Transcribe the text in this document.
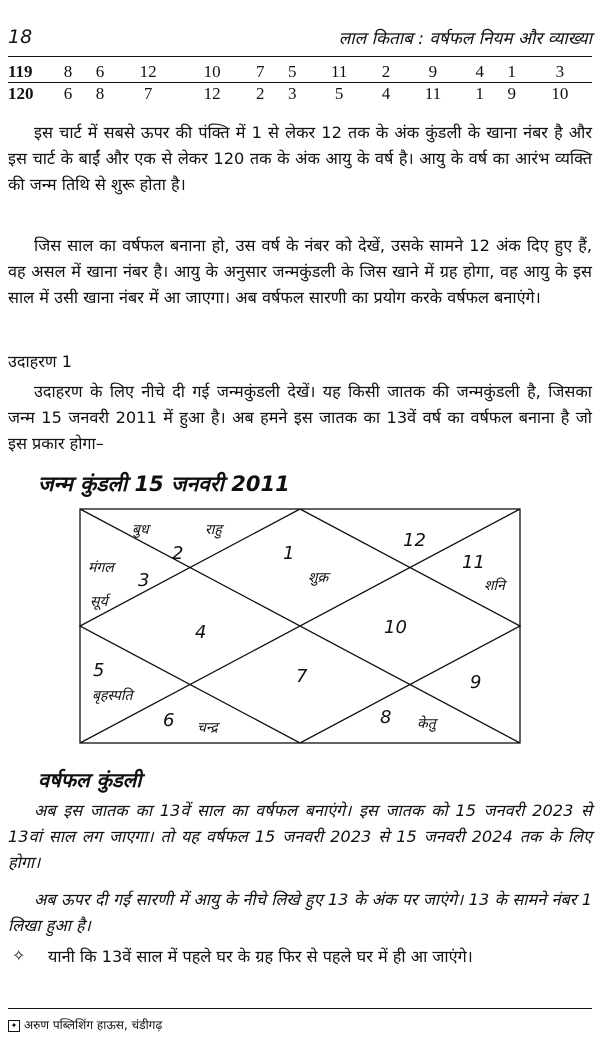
18	लाल किताब : वर्षफल नियम और व्याख्या
119	8	6	12	10	7	5	11	2	9	4	1	3
120	6	8	7	12	2	3	5	4	11	1	9	10
इस चार्ट में सबसे ऊपर की पंक्ति में 1 से लेकर 12 तक के अंक कुंडली के खाना नंबर है और इस चार्ट के बाईं और एक से लेकर 120 तक के अंक आयु के वर्ष है। आयु के वर्ष का आरंभ व्यक्ति की जन्म तिथि से शुरू होता है।
जिस साल का वर्षफल बनाना हो, उस वर्ष के नंबर को देखें, उसके सामने 12 अंक दिए हुए हैं, वह असल में खाना नंबर है। आयु के अनुसार जन्मकुंडली के जिस खाने में ग्रह होगा, वह आयु के इस साल में उसी खाना नंबर में आ जाएगा। अब वर्षफल सारणी का प्रयोग करके वर्षफल बनाएंगे।
उदाहरण 1
उदाहरण के लिए नीचे दी गई जन्मकुंडली देखें। यह किसी जातक की जन्मकुंडली है, जिसका जन्म 15 जनवरी 2011 में हुआ है। अब हमने इस जातक का 13वें वर्ष का वर्षफल बनाना है जो इस प्रकार होगा–
जन्म कुंडली 15 जनवरी 2011
बुध	राहु
2	1
शुक्र
12
11
शनि
मंगल
3
सूर्य
4	10
5
बृहस्पति
7	9
6 चन्द्र	8 केतु
वर्षफल कुंडली
अब इस जातक का 13वें साल का वर्षफल बनाएंगे। इस जातक को 15 जनवरी 2023 से 13वां साल लग जाएगा। तो यह वर्षफल 15 जनवरी 2023 से 15 जनवरी 2024 तक के लिए होगा।
अब ऊपर दी गई सारणी में आयु के नीचे लिखे हुए 13 के अंक पर जाएंगे। 13 के सामने नंबर 1 लिखा हुआ है।
✧ यानी कि 13वें साल में पहले घर के ग्रह फिर से पहले घर में ही आ जाएंगे।
✦ अरुण पब्लिशिंग हाऊस, चंडीगढ़
